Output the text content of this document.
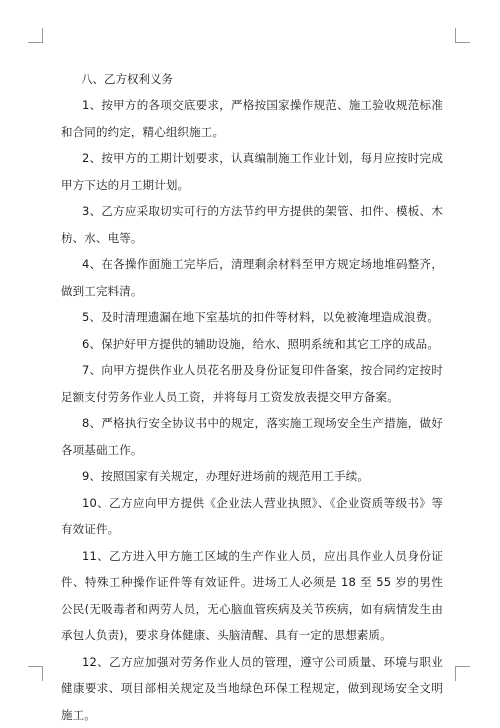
八、乙方权利义务

1、按甲方的各项交底要求，严格按国家操作规范、施工验收规范标准和合同的约定，精心组织施工。

2、按甲方的工期计划要求，认真编制施工作业计划，每月应按时完成甲方下达的月工期计划。

3、乙方应采取切实可行的方法节约甲方提供的架管、扣件、模板、木枋、水、电等。

4、在各操作面施工完毕后，清理剩余材料至甲方规定场地堆码整齐，做到工完料清。

5、及时清理遗漏在地下室基坑的扣件等材料，以免被淹埋造成浪费。

6、保护好甲方提供的辅助设施，给水、照明系统和其它工序的成品。

7、向甲方提供作业人员花名册及身份证复印件备案，按合同约定按时足额支付劳务作业人员工资，并将每月工资发放表提交甲方备案。

8、严格执行安全协议书中的规定，落实施工现场安全生产措施，做好各项基础工作。

9、按照国家有关规定，办理好进场前的规范用工手续。

10、乙方应向甲方提供《企业法人营业执照》、《企业资质等级书》等有效证件。

11、乙方进入甲方施工区域的生产作业人员，应出具作业人员身份证件、特殊工种操作证件等有效证件。进场工人必须是 18 至 55 岁的男性公民(无吸毒者和两劳人员，无心脑血管疾病及关节疾病，如有病情发生由承包人负责)，要求身体健康、头脑清醒、具有一定的思想素质。

12、乙方应加强对劳务作业人员的管理，遵守公司质量、环境与职业健康要求、项目部相关规定及当地绿色环保工程规定，做到现场安全文明施工。
